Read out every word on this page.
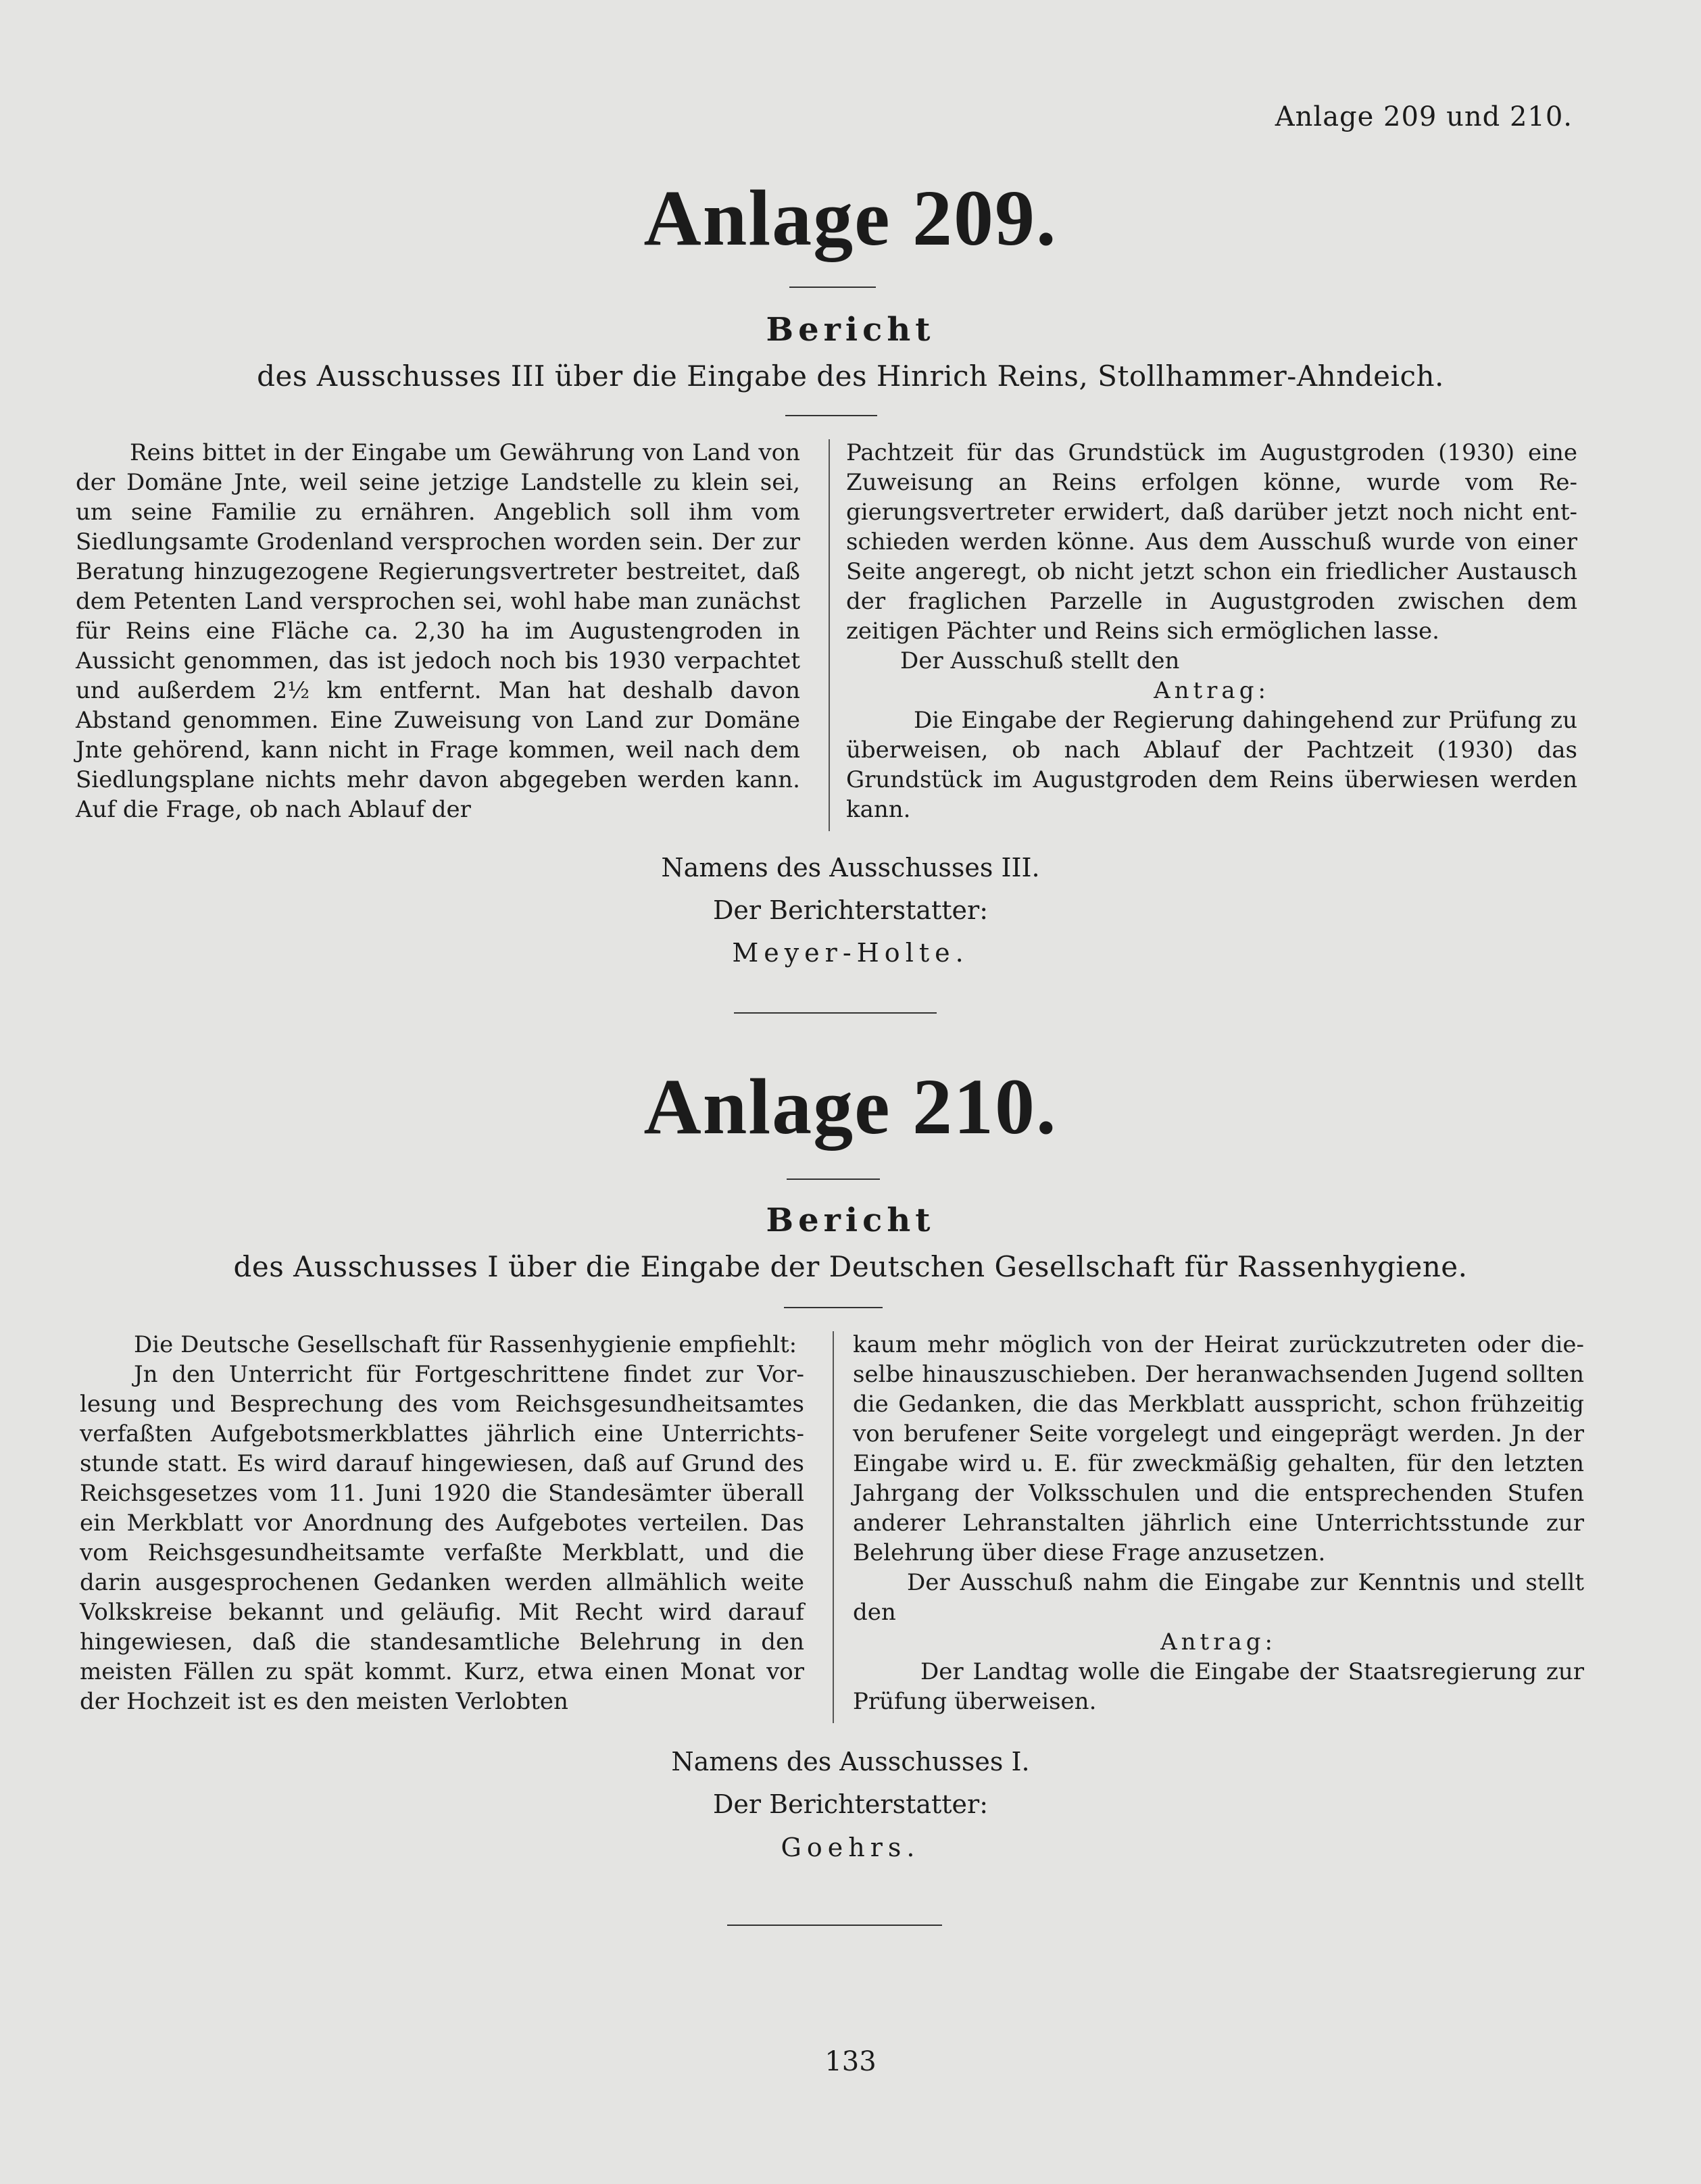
Anlage 209 und 210.
Anlage 209.
Bericht
des Ausschusses III über die Eingabe des Hinrich Reins, Stollhammer-Ahndeich.

Reins bittet in der Eingabe um Gewährung von Land von der Domäne Jnte, weil seine jetzige Landstelle zu klein sei, um seine Familie zu ernähren. Angeblich soll ihm vom Siedlungsamte Grodenland versprochen worden sein. Der zur Beratung hinzugezogene Regierungsvertreter bestreitet, daß dem Petenten Land versprochen sei, wohl habe man zunächst für Reins eine Fläche ca. 2,30 ha im Augustengroden in Aussicht genommen, das ist jedoch noch bis 1930 verpachtet und außerdem 2½ km entfernt. Man hat deshalb davon Abstand genommen. Eine Zuweisung von Land zur Domäne Jnte gehörend, kann nicht in Frage kommen, weil nach dem Siedlungsplane nichts mehr davon abgegeben werden kann. Auf die Frage, ob nach Ablauf der

Pachtzeit für das Grundstück im Augustgroden (1930) eine Zuweisung an Reins erfolgen könne, wurde vom Regierungsvertreter erwidert, daß darüber jetzt noch nicht entschieden werden könne. Aus dem Ausschuß wurde von einer Seite angeregt, ob nicht jetzt schon ein friedlicher Austausch der fraglichen Parzelle in Augustgroden zwischen dem zeitigen Pächter und Reins sich ermöglichen lasse.

Der Ausschuß stellt den

Antrag:

Die Eingabe der Regierung dahingehend zur Prüfung zu überweisen, ob nach Ablauf der Pachtzeit (1930) das Grundstück im Augustgroden dem Reins überwiesen werden kann.

Namens des Ausschusses III.
Der Berichterstatter:
Meyer-Holte.
Anlage 210.
Bericht
des Ausschusses I über die Eingabe der Deutschen Gesellschaft für Rassenhygiene.

Die Deutsche Gesellschaft für Rassenhygienie empfiehlt:

Jn den Unterricht für Fortgeschrittene findet zur Vorlesung und Besprechung des vom Reichsgesundheitsamtes verfaßten Aufgebotsmerkblattes jährlich eine Unterrichtsstunde statt. Es wird darauf hingewiesen, daß auf Grund des Reichsgesetzes vom 11. Juni 1920 die Standesämter überall ein Merkblatt vor Anordnung des Aufgebotes verteilen. Das vom Reichsgesundheitsamte verfaßte Merkblatt, und die darin ausgesprochenen Gedanken werden allmählich weite Volkskreise bekannt und geläufig. Mit Recht wird darauf hingewiesen, daß die standesamtliche Belehrung in den meisten Fällen zu spät kommt. Kurz, etwa einen Monat vor der Hochzeit ist es den meisten Verlobten

kaum mehr möglich von der Heirat zurückzutreten oder dieselbe hinauszuschieben. Der heranwachsenden Jugend sollten die Gedanken, die das Merkblatt ausspricht, schon frühzeitig von berufener Seite vorgelegt und eingeprägt werden. Jn der Eingabe wird u. E. für zweckmäßig gehalten, für den letzten Jahrgang der Volksschulen und die entsprechenden Stufen anderer Lehranstalten jährlich eine Unterrichtsstunde zur Belehrung über diese Frage anzusetzen.

Der Ausschuß nahm die Eingabe zur Kenntnis und stellt den

Antrag:

Der Landtag wolle die Eingabe der Staatsregierung zur Prüfung überweisen.

Namens des Ausschusses I.
Der Berichterstatter:
Goehrs.
133
